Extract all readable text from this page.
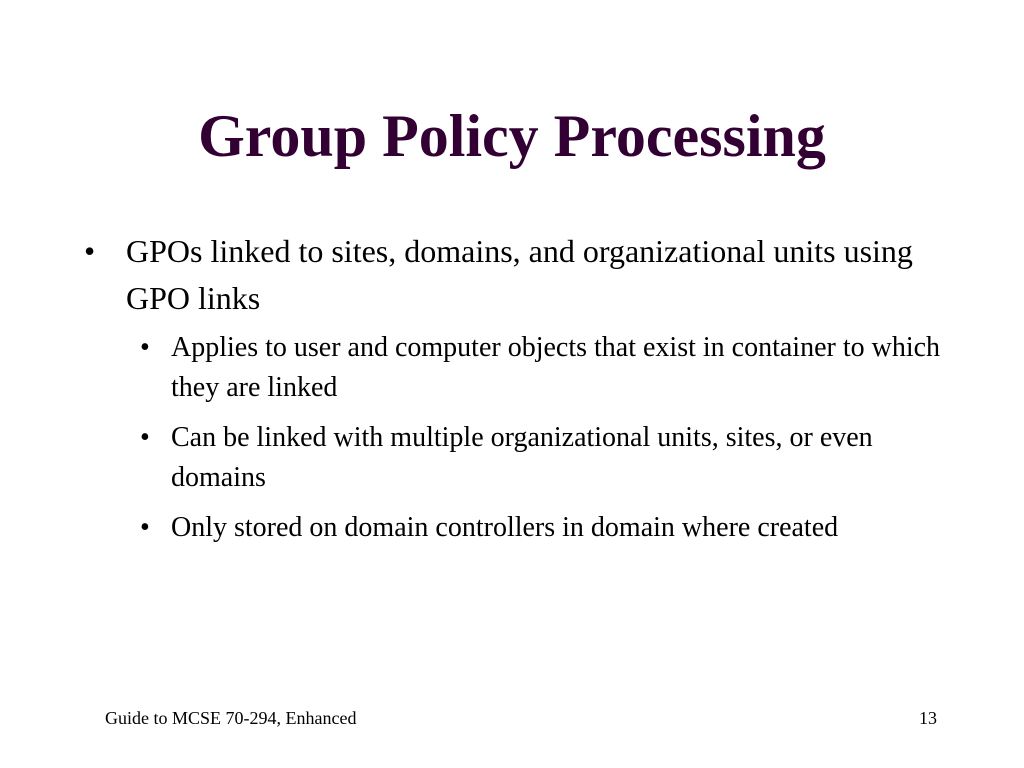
Group Policy Processing
• GPOs linked to sites, domains, and organizational units using GPO links
• Applies to user and computer objects that exist in container to which they are linked
• Can be linked with multiple organizational units, sites, or even domains
• Only stored on domain controllers in domain where created
Guide to MCSE 70-294, Enhanced	13
